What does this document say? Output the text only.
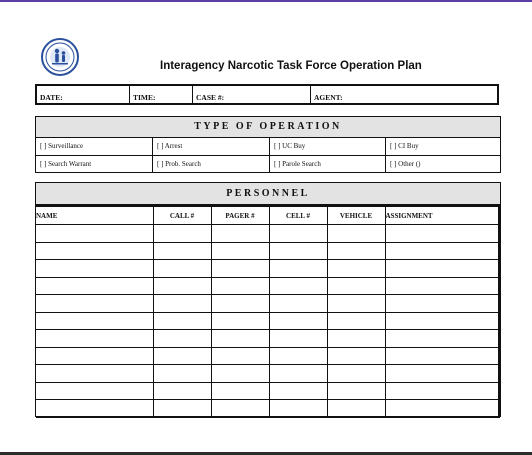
Interagency Narcotic Task Force Operation Plan
DATE:	TIME:	CASE #:	AGENT:
TYPE OF OPERATION
[ ] Surveillance	[ ] Arrest	[ ] UC Buy	[ ] CI Buy
[ ] Search Warrant	[ ] Prob. Search	[ ] Parole Search	[ ] Other ()
PERSONNEL
NAME	CALL #	PAGER #	CELL #	VEHICLE	ASSIGNMENT
